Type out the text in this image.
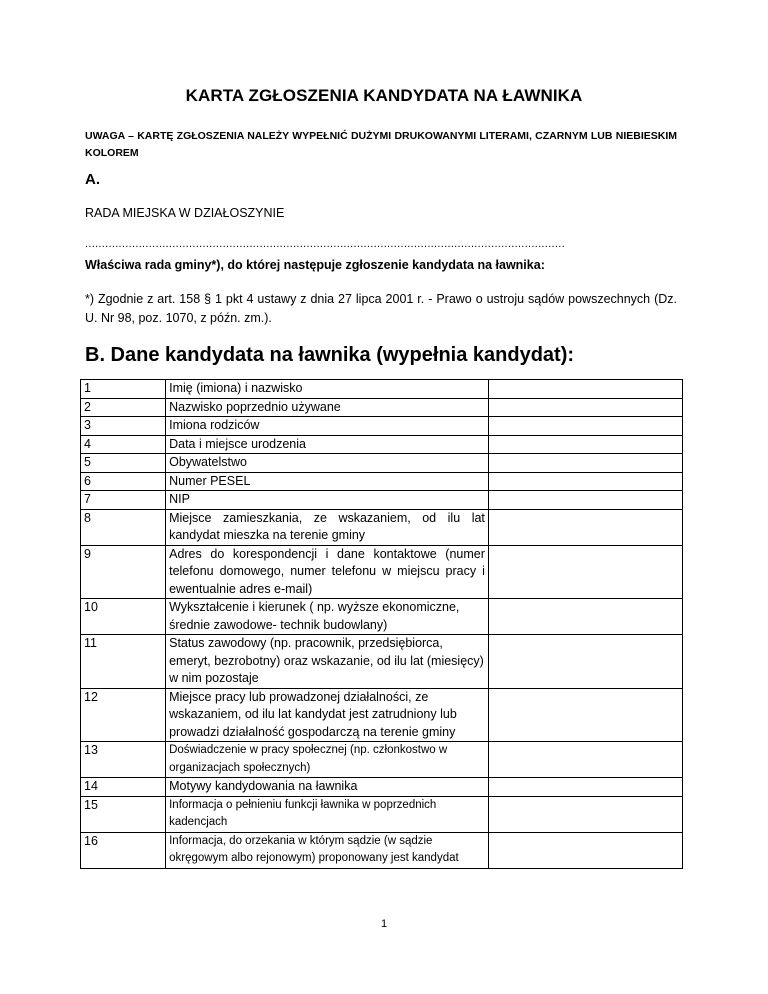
KARTA ZGŁOSZENIA KANDYDATA NA ŁAWNIKA
UWAGA – KARTĘ ZGŁOSZENIA NALEŻY WYPEŁNIĆ DUŻYMI DRUKOWANYMI LITERAMI, CZARNYM LUB NIEBIESKIM KOLOREM
A.
RADA MIEJSKA W DZIAŁOSZYNIE
...............................................................................................................................................
Właściwa rada gminy*), do której następuje zgłoszenie kandydata na ławnika:
*) Zgodnie z art. 158 § 1 pkt 4 ustawy z dnia 27 lipca 2001 r. - Prawo o ustroju sądów powszechnych (Dz. U. Nr 98, poz. 1070, z późn. zm.).
B. Dane kandydata na ławnika (wypełnia kandydat):
1	Imię (imiona) i nazwisko	
2	Nazwisko poprzednio używane	
3	Imiona rodziców	
4	Data i miejsce urodzenia	
5	Obywatelstwo	
6	Numer PESEL	
7	NIP	
8	Miejsce zamieszkania, ze wskazaniem, od ilu lat kandydat mieszka na terenie gminy	
9	Adres do korespondencji i dane kontaktowe (numer telefonu domowego, numer telefonu w miejscu pracy i ewentualnie adres e-mail)	
10	Wykształcenie i kierunek ( np. wyższe ekonomiczne, średnie zawodowe- technik budowlany)	
11	Status zawodowy (np. pracownik, przedsiębiorca, emeryt, bezrobotny) oraz wskazanie, od ilu lat (miesięcy) w nim pozostaje	
12	Miejsce pracy lub prowadzonej działalności, ze wskazaniem, od ilu lat kandydat jest zatrudniony lub prowadzi działalność gospodarczą na terenie gminy	
13	Doświadczenie w pracy społecznej (np. członkostwo w organizacjach społecznych)	
14	Motywy kandydowania na ławnika	
15	Informacja o pełnieniu funkcji ławnika w poprzednich kadencjach	
16	Informacja, do orzekania w którym sądzie (w sądzie okręgowym albo rejonowym) proponowany jest kandydat	
1
